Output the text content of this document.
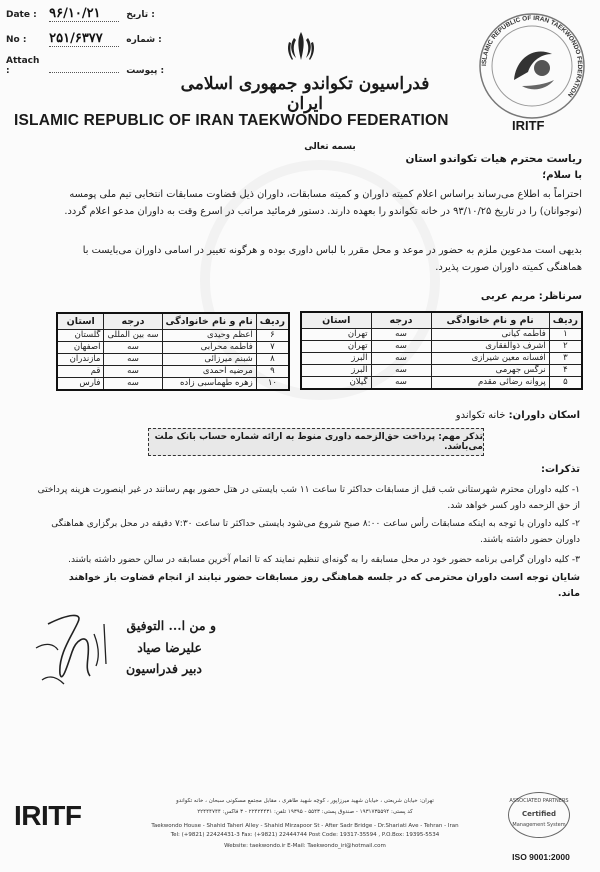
Date : ۹۶/۱۰/۲۱	تاریخ :
No : ۲۵۱/۶۳۷۷	شماره :
Attach :	پیوست :
فدراسیون تکواندو جمهوری اسلامی ایران
ISLAMIC REPUBLIC OF IRAN TAEKWONDO FEDERATION
ISLAMIC REPUBLIC OF IRAN TAEKWONDO FEDERATION
IRITF
بسمه تعالی
ریاست محترم هیات تکواندو استان
با سلام؛
احتراماً به اطلاع می‌رساند براساس اعلام کمیته داوران و کمیته مسابقات، داوران ذیل قضاوت مسابقات انتخابی تیم ملی پومسه (نوجوانان) را در تاریخ ۹۳/۱۰/۲۵ در خانه تکواندو را بعهده دارند. دستور فرمائید مراتب در اسرع وقت به داوران مدعو اعلام گردد.
بدیهی است مدعوین ملزم به حضور در موعد و محل مقرر با لباس داوری بوده و هرگونه تغییر در اسامی داوران می‌بایست با هماهنگی کمیته داوران صورت پذیرد.
سرناظر: مریم عربی
ردیف	نام و نام خانوادگی	درجه	استان
۱	فاطمه کیانی	سه	تهران
۲	اشرف ذوالفقاری	سه	تهران
۳	افسانه معین شیرازی	سه	البرز
۴	نرگس جهرمی	سه	البرز
۵	پروانه رضائی مقدم	سه	گیلان
ردیف	نام و نام خانوادگی	درجه	استان
۶	اعظم وحیدی	سه بین المللی	گلستان
۷	فاطمه محرابی	سه	اصفهان
۸	شبنم میرزائی	سه	مازندران
۹	مرضیه احمدی	سه	قم
۱۰	زهره طهماسبی زاده	سه	فارس
اسکان داوران: خانه تکواندو
تذکر مهم: پرداخت حق‌الزحمه داوری منوط به ارائه شماره حساب بانک ملت می‌باشد.
تذکرات:
۱- کلیه داوران محترم شهرستانی شب قبل از مسابقات حداکثر تا ساعت ۱۱ شب بایستی در هتل حضور بهم رسانند در غیر اینصورت هزینه پرداختی از حق الزحمه داور کسر خواهد شد.
۲- کلیه داوران با توجه به اینکه مسابقات رأس ساعت ۸:۰۰ صبح شروع می‌شود بایستی حداکثر تا ساعت ۷:۳۰ دقیقه در محل برگزاری هماهنگی داوران حضور داشته باشند.
۳- کلیه داوران گرامی برنامه حضور خود در محل مسابقه را به گونه‌ای تنظیم نمایند که تا اتمام آخرین مسابقه در سالن حضور داشته باشند.
شایان توجه است داوران محترمی که در جلسه هماهنگی روز مسابقات حضور نیابند از انجام قضاوت باز خواهند ماند.
و من ا... التوفیق
علیرضا صیاد
دبیر فدراسیون
IRITF	تهران: خیابان شریعتی ، خیابان شهید میرزاپور ، کوچه شهید طاهری ، مقابل مجتمع مسکونی سبحان ، خانه تکواندو
کد پستی: ۱۹۳۱۷۳۵۵۹۴ - صندوق پستی: ۵۵۴۳ - ۱۹۳۹۵ تلفن: ۲۲۴۲۴۴۳۱ - ۳ فاکس: ۲۲۴۴۴۷۴۴
Taekwondo House - Shahid Taheri Alley - Shahid Mirzapoor St - After Sadr Bridge - Dr.Shariati Ave - Tehran - Iran
Tel: (+9821) 22424431-3 Fax: (+9821) 22444744 Post Code: 19317-35594 , P.O.Box: 19395-5534
Website: taekwondo.ir E-Mail: Taekwondo_iri@hotmail.com
ASSOCIATED PARTNERS
Certified
Management System
ISO 9001:2000
